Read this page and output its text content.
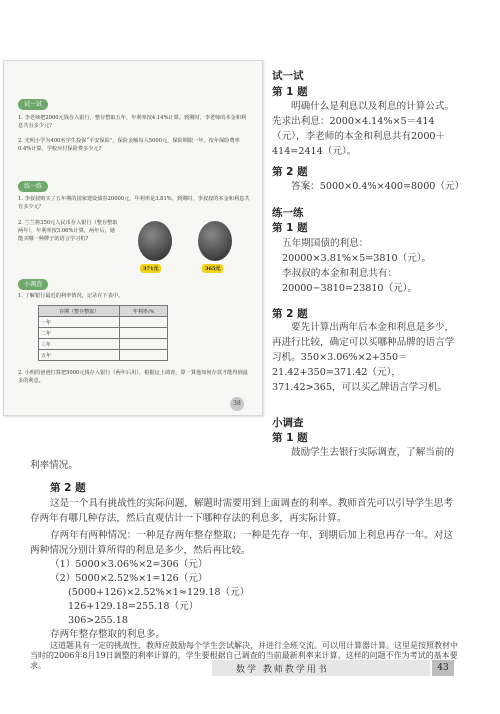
试一试
1. 李老师把2000元钱存入银行，整存整取五年，年利率按4.14%计算。到期时，李老师的本金和利息共有多少元?
2. 光明小学为400名学生投保“平安保险”，保险金额每人5000元，保险期限一年，按年保险费率0.4%计算，学校应付保险费多少元?
练一练
1. 李叔叔购买了五年期的国家建设债券20000元，年利率是3.81%。到期时，李叔叔的本金和利息共有多少元？
2. 兰兰将350元人民币存入银行（整存整取两年），年利率按3.06%计算，两年后，她能买哪一种牌子的语言学习机?
371元	365元
小调查
1. 了解银行最近的利率情况，记录在下表中。
存期（整存整取）	年利率/%
一年	
二年	
三年	
五年	
2. 小明的爸爸打算把5000元钱存入银行（两年后用），根据这上调查，算一算他如何存款才能得到最多的利息。
38
试一试
第 1 题
明确什么是利息以及利息的计算公式。先求出利息：2000×4.14%×5＝414（元），李老师的本金和利息共有2000＋414=2414（元）。
第 2 题
答案：5000×0.4%×400=8000（元）
练一练
第 1 题
五年期国债的利息：
20000×3.81%×5=3810（元）。
李叔叔的本金和利息共有：
20000−3810=23810（元）。
第 2 题
要先计算出两年后本金和利息是多少，再进行比较，确定可以买哪种品牌的语言学习机。350×3.06%×2+350＝21.42+350=371.42（元），371.42>365，可以买乙牌语言学习机。
小调查
第 1 题
鼓励学生去银行实际调查，了解当前的
利率情况。
第 2 题
这是一个具有挑战性的实际问题，解题时需要用到上面调查的利率。教师首先可以引导学生思考存两年有哪几种存法，然后直观估计一下哪种存法的利息多，再实际计算。
存两年有两种情况：一种是存两年整存整取；一种是先存一年，到期后加上利息再存一年。对这两种情况分别计算所得的利息是多少，然后再比较。
（1）5000×3.06%×2=306（元）
（2）5000×2.52%×1=126（元）
(5000+126)×2.52%×1≈129.18（元）
126+129.18=255.18（元）
306>255.18
存两年整存整取的利息多。
这道题具有一定的挑战性，教师应鼓励每个学生尝试解决，并进行全班交流。可以用计算器计算。这里是按照教材中当时的2006年8月19日调整的利率计算的，学生要根据自己调查的当前最新利率来计算。这样的问题不作为考试的基本要求。	数学 教师教学用书	43
